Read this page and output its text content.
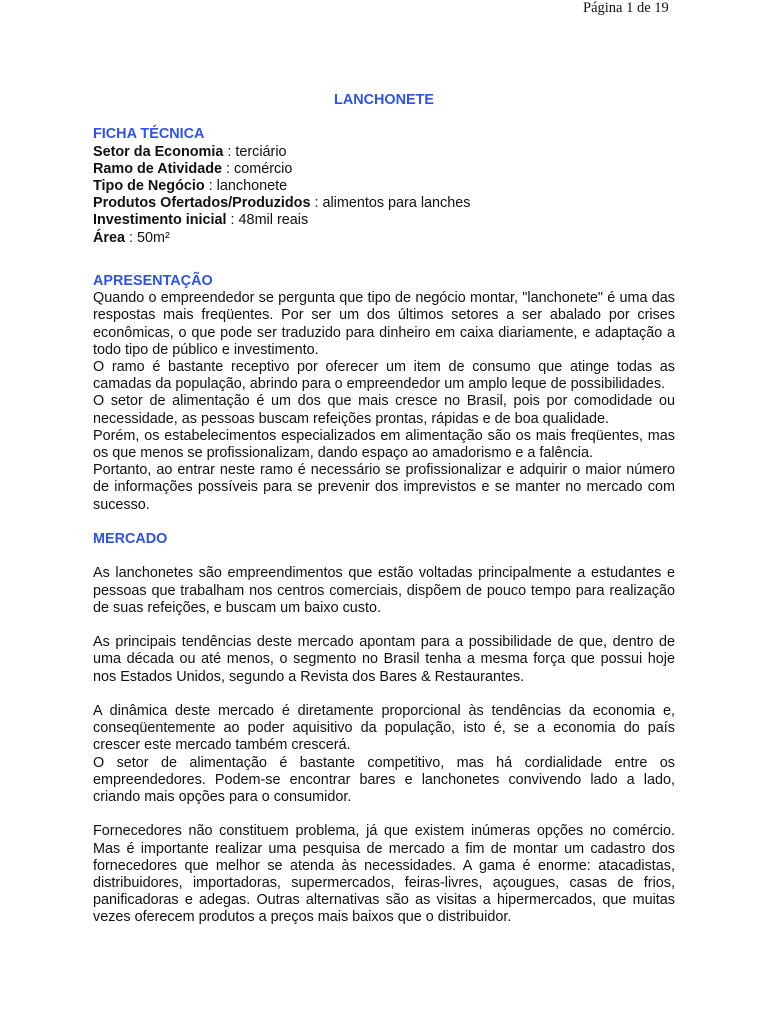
Página 1 de 19

LANCHONETE

FICHA TÉCNICA

Setor da Economia : terciário

Ramo de Atividade : comércio

Tipo de Negócio : lanchonete

Produtos Ofertados/Produzidos : alimentos para lanches

Investimento inicial : 48mil reais

Área : 50m²

APRESENTAÇÃO

Quando o empreendedor se pergunta que tipo de negócio montar, "lanchonete" é uma das respostas mais freqüentes. Por ser um dos últimos setores a ser abalado por crises econômicas, o que pode ser traduzido para dinheiro em caixa diariamente, e adaptação a todo tipo de público e investimento.

O ramo é bastante receptivo por oferecer um item de consumo que atinge todas as camadas da população, abrindo para o empreendedor um amplo leque de possibilidades.

O setor de alimentação é um dos que mais cresce no Brasil, pois por comodidade ou necessidade, as pessoas buscam refeições prontas, rápidas e de boa qualidade.

Porém, os estabelecimentos especializados em alimentação são os mais freqüentes, mas os que menos se profissionalizam, dando espaço ao amadorismo e a falência.

Portanto, ao entrar neste ramo é necessário se profissionalizar e adquirir o maior número de informações possíveis para se prevenir dos imprevistos e se manter no mercado com sucesso.

MERCADO

As lanchonetes são empreendimentos que estão voltadas principalmente a estudantes e pessoas que trabalham nos centros comerciais, dispõem de pouco tempo para realização de suas refeições, e buscam um baixo custo.

As principais tendências deste mercado apontam para a possibilidade de que, dentro de uma década ou até menos, o segmento no Brasil tenha a mesma força que possui hoje nos Estados Unidos, segundo a Revista dos Bares & Restaurantes.

A dinâmica deste mercado é diretamente proporcional às tendências da economia e, conseqüentemente ao poder aquisitivo da população, isto é, se a economia do país crescer este mercado também crescerá.

O setor de alimentação é bastante competitivo, mas há cordialidade entre os empreendedores. Podem-se encontrar bares e lanchonetes convivendo lado a lado, criando mais opções para o consumidor.

Fornecedores não constituem problema, já que existem inúmeras opções no comércio. Mas é importante realizar uma pesquisa de mercado a fim de montar um cadastro dos fornecedores que melhor se atenda às necessidades. A gama é enorme: atacadistas, distribuidores, importadoras, supermercados, feiras-livres, açougues, casas de frios, panificadoras e adegas. Outras alternativas são as visitas a hipermercados, que muitas vezes oferecem produtos a preços mais baixos que o distribuidor.
